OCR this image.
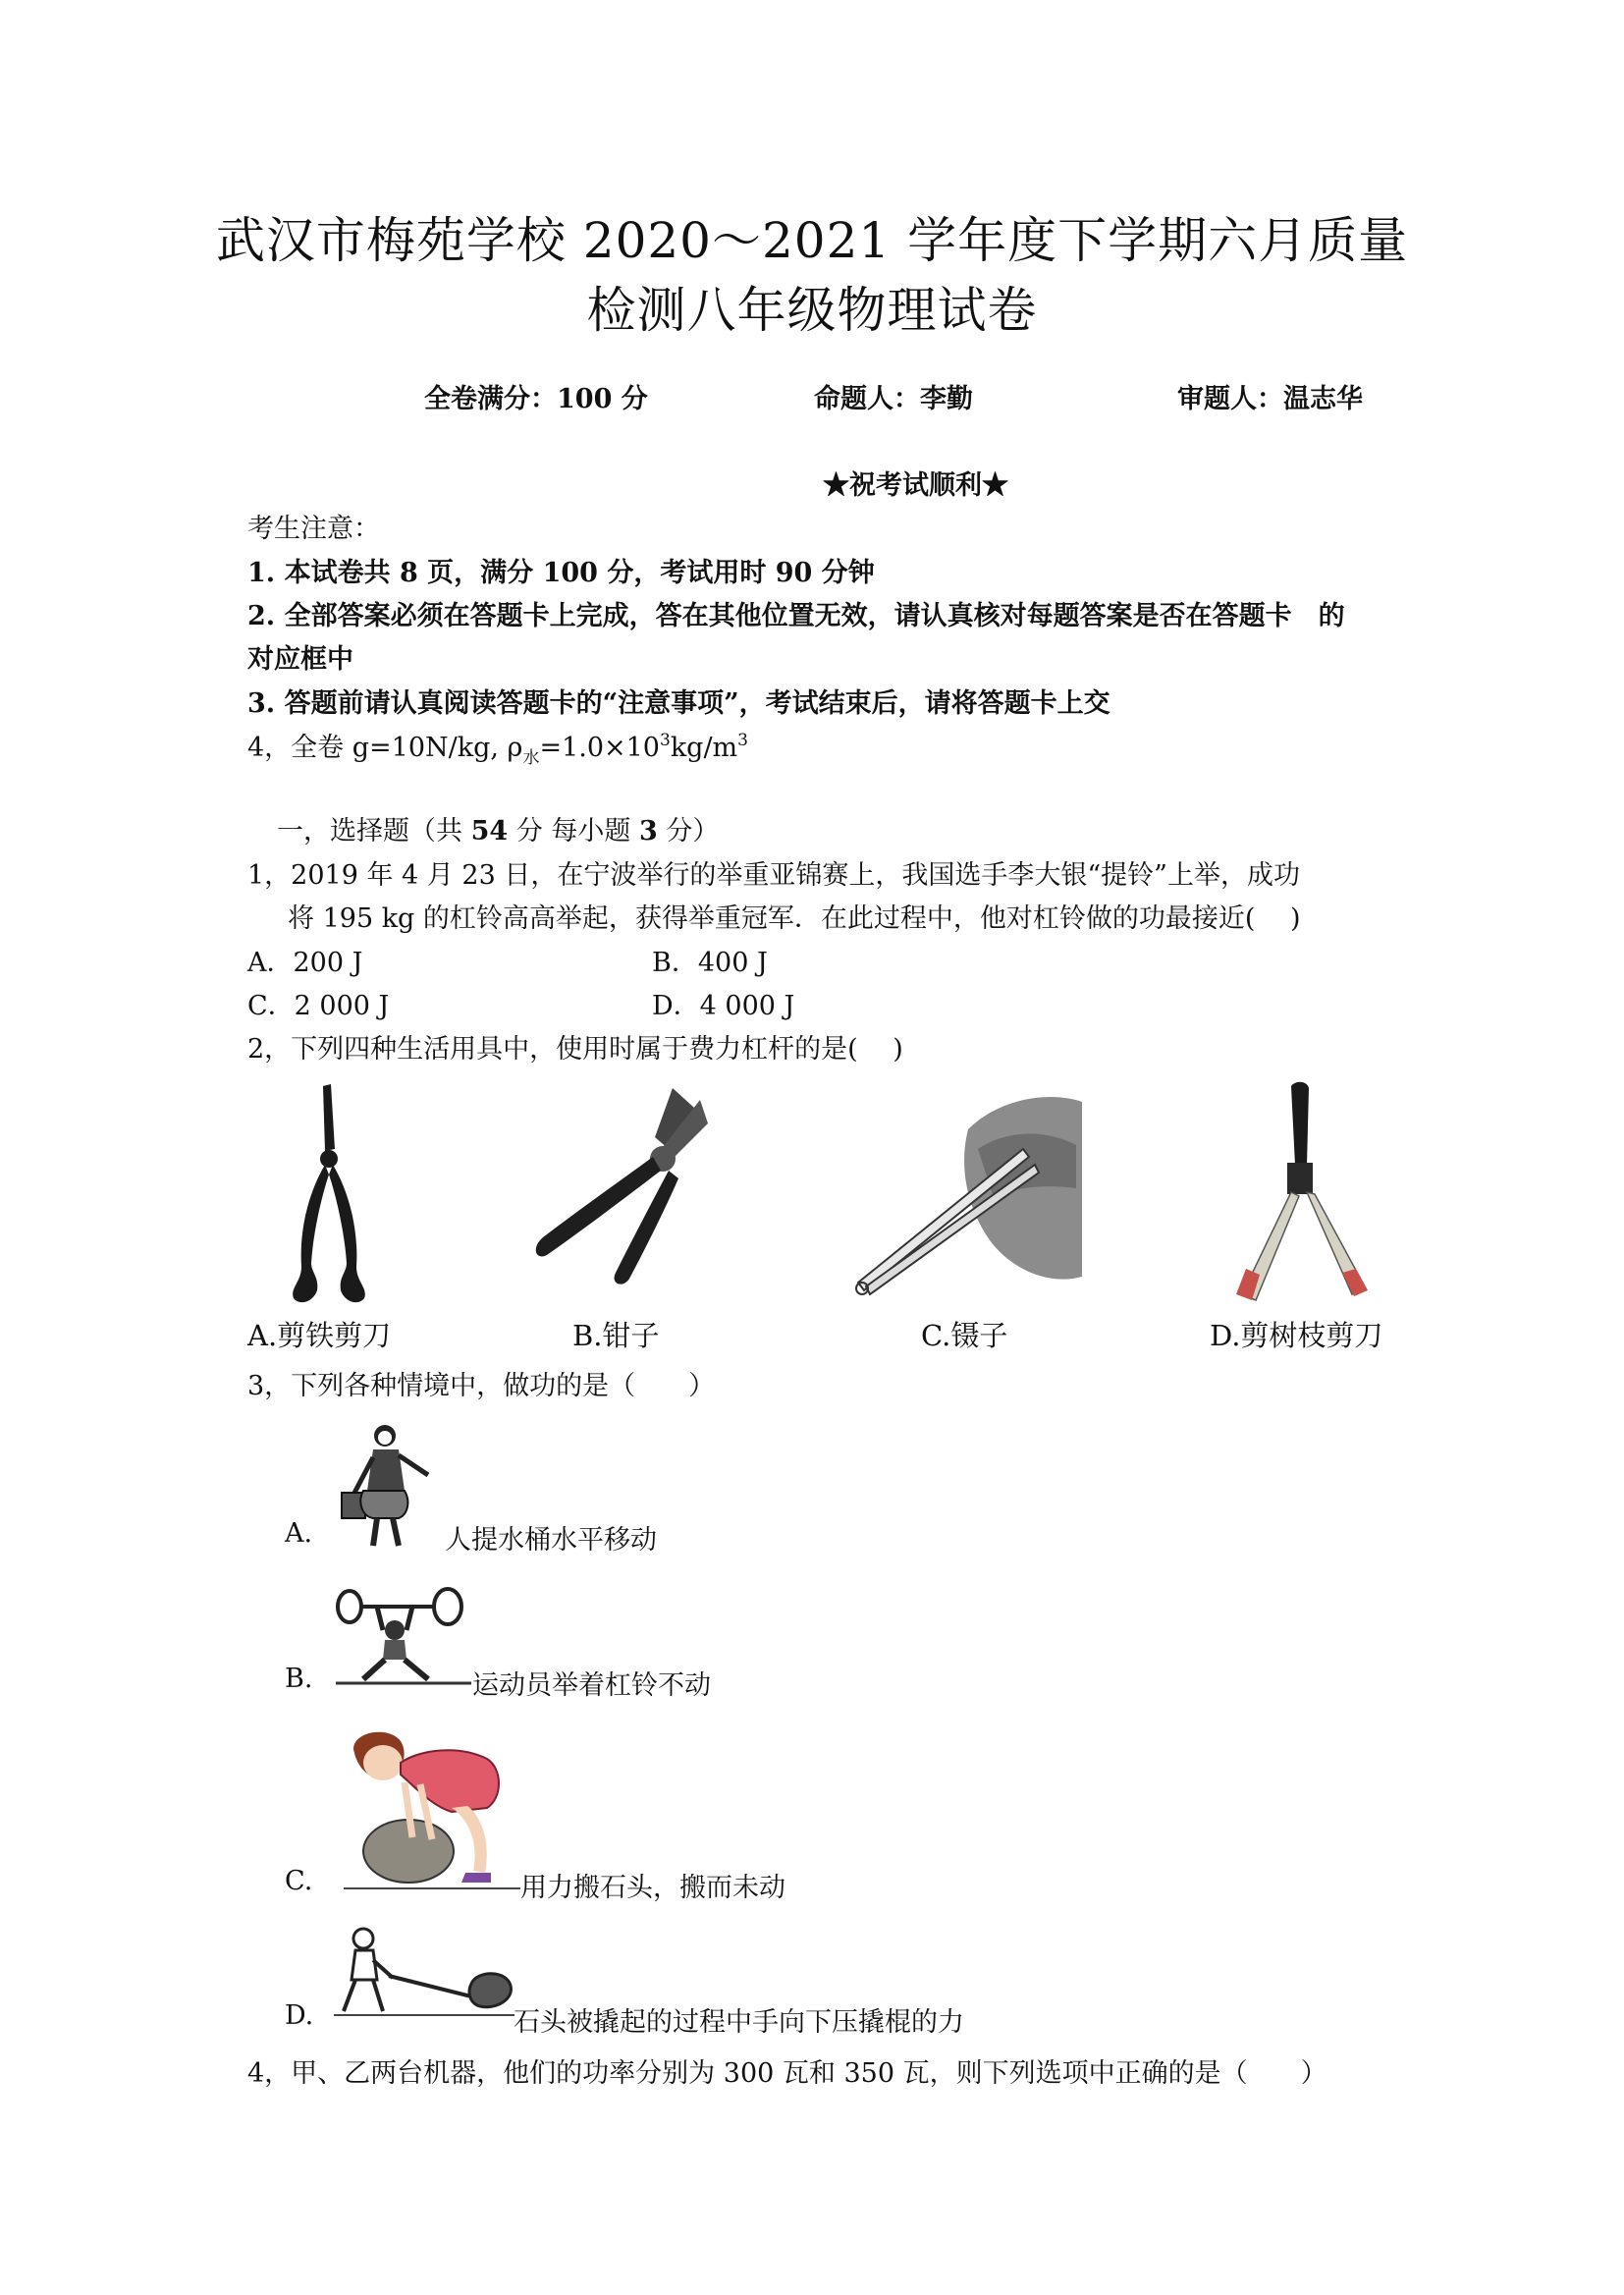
武汉市梅苑学校 2020～2021 学年度下学期六月质量
检测八年级物理试卷
全卷满分：100 分	命题人：李勤	审题人：温志华
★祝考试顺利★
考生注意：
1. 本试卷共 8 页，满分 100 分，考试用时 90 分钟
2. 全部答案必须在答题卡上完成，答在其他位置无效，请认真核对每题答案是否在答题卡　的
对应框中
3. 答题前请认真阅读答题卡的“注意事项”，考试结束后，请将答题卡上交
4，全卷 g=10N/kg, $\rho_水=1.0\times 10^3kg/m^3$
一，选择题（共 54 分 每小题 3 分）
1，2019 年 4 月 23 日，在宁波举行的举重亚锦赛上，我国选手李大银“提铃”上举，成功
将 195 kg 的杠铃高高举起，获得举重冠军．在此过程中，他对杠铃做的功最接近(　 )
A．200 J	B．400 J
C．2 000 J	D．4 000 J
2，下列四种生活用具中，使用时属于费力杠杆的是(　 )
A.剪铁剪刀	B.钳子	C.镊子	D.剪树枝剪刀
3，下列各种情境中，做功的是（　　）
A.	人提水桶水平移动
B.	运动员举着杠铃不动
C.	用力搬石头，搬而未动
D.	石头被撬起的过程中手向下压撬棍的力
4，甲、乙两台机器，他们的功率分别为 300 瓦和 350 瓦，则下列选项中正确的是（　　）
